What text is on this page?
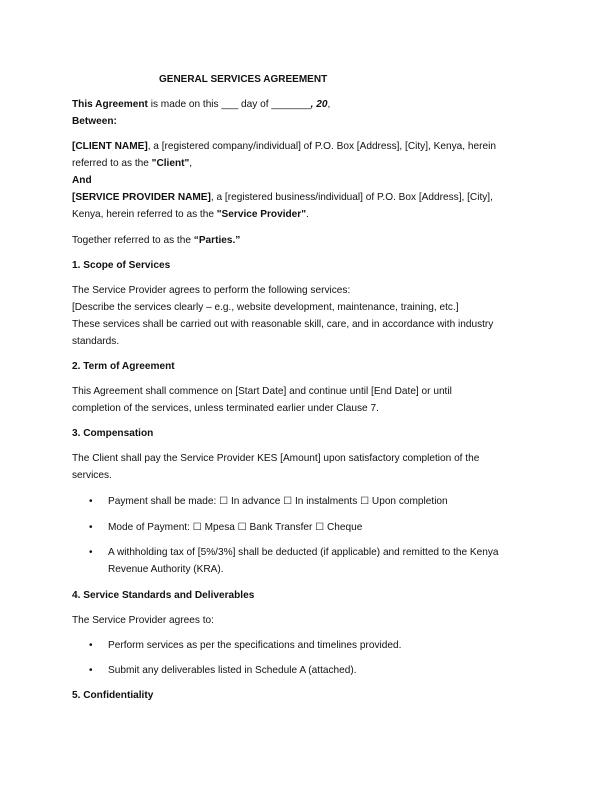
GENERAL SERVICES AGREEMENT
This Agreement is made on this ___ day of _______, 20,
Between:
[CLIENT NAME], a [registered company/individual] of P.O. Box [Address], [City], Kenya, herein
referred to as the "Client",
And
[SERVICE PROVIDER NAME], a [registered business/individual] of P.O. Box [Address], [City],
Kenya, herein referred to as the "Service Provider".
Together referred to as the “Parties.”
1. Scope of Services
The Service Provider agrees to perform the following services:
[Describe the services clearly – e.g., website development, maintenance, training, etc.]
These services shall be carried out with reasonable skill, care, and in accordance with industry
standards.
2. Term of Agreement
This Agreement shall commence on [Start Date] and continue until [End Date] or until
completion of the services, unless terminated earlier under Clause 7.
3. Compensation
The Client shall pay the Service Provider KES [Amount] upon satisfactory completion of the
services.
• Payment shall be made: ☐ In advance ☐ In instalments ☐ Upon completion
• Mode of Payment: ☐ Mpesa ☐ Bank Transfer ☐ Cheque
• A withholding tax of [5%/3%] shall be deducted (if applicable) and remitted to the Kenya
Revenue Authority (KRA).
4. Service Standards and Deliverables
The Service Provider agrees to:
• Perform services as per the specifications and timelines provided.
• Submit any deliverables listed in Schedule A (attached).
5. Confidentiality
